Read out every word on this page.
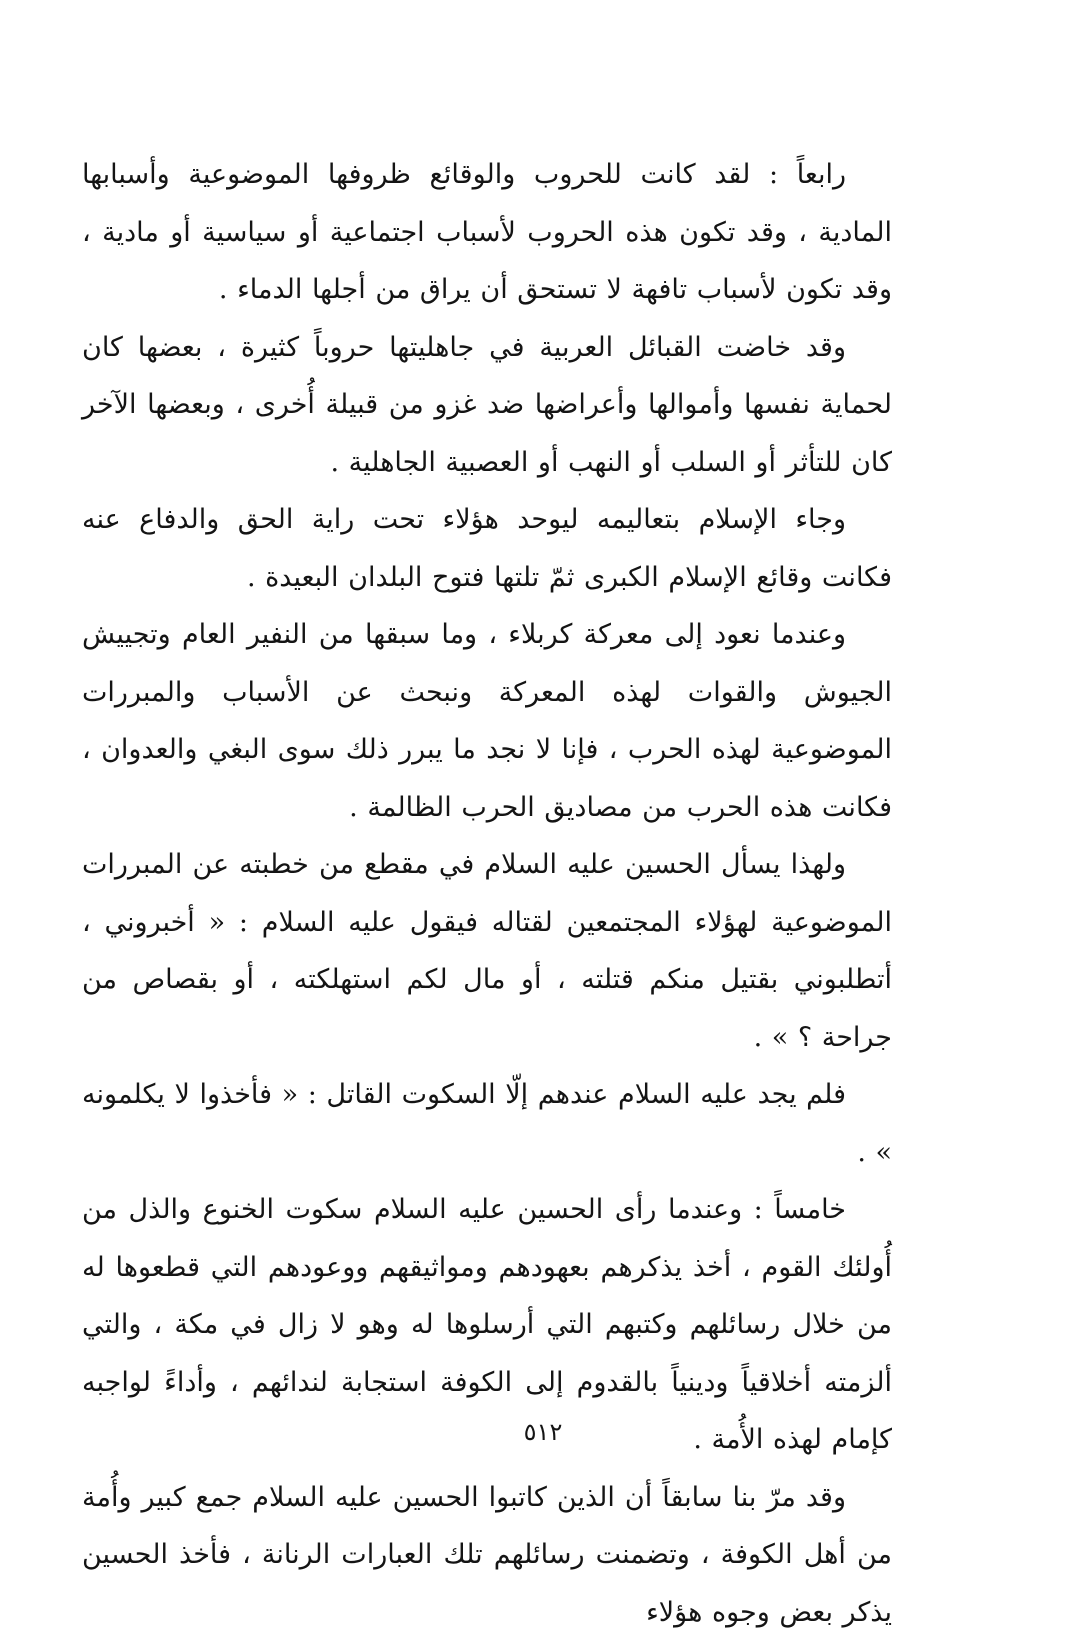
رابعاً : لقد كانت للحروب والوقائع ظروفها الموضوعية وأسبابها المادية ، وقد تكون هذه الحروب لأسباب اجتماعية أو سياسية أو مادية ، وقد تكون لأسباب تافهة لا تستحق أن يراق من أجلها الدماء .

وقد خاضت القبائل العربية في جاهليتها حروباً كثيرة ، بعضها كان لحماية نفسها وأموالها وأعراضها ضد غزو من قبيلة أُخرى ، وبعضها الآخر كان للتأثر أو السلب أو النهب أو العصبية الجاهلية .

وجاء الإسلام بتعاليمه ليوحد هؤلاء تحت راية الحق والدفاع عنه فكانت وقائع الإسلام الكبرى ثمّ تلتها فتوح البلدان البعيدة .

وعندما نعود إلى معركة كربلاء ، وما سبقها من النفير العام وتجييش الجيوش والقوات لهذه المعركة ونبحث عن الأسباب والمبررات الموضوعية لهذه الحرب ، فإنا لا نجد ما يبرر ذلك سوى البغي والعدوان ، فكانت هذه الحرب من مصاديق الحرب الظالمة .

ولهذا يسأل الحسين عليه السلام في مقطع من خطبته عن المبررات الموضوعية لهؤلاء المجتمعين لقتاله فيقول عليه السلام : « أخبروني ، أتطلبوني بقتيل منكم قتلته ، أو مال لكم استهلكته ، أو بقصاص من جراحة ؟ » .

فلم يجد عليه السلام عندهم إلّا السكوت القاتل : « فأخذوا لا يكلمونه » .

خامساً : وعندما رأى الحسين عليه السلام سكوت الخنوع والذل من أُولئك القوم ، أخذ يذكرهم بعهودهم ومواثيقهم ووعودهم التي قطعوها له من خلال رسائلهم وكتبهم التي أرسلوها له وهو لا زال في مكة ، والتي ألزمته أخلاقياً ودينياً بالقدوم إلى الكوفة استجابة لندائهم ، وأداءً لواجبه كإمام لهذه الأُمة .

وقد مرّ بنا سابقاً أن الذين كاتبوا الحسين عليه السلام جمع كبير وأُمة من أهل الكوفة ، وتضمنت رسائلهم تلك العبارات الرنانة ، فأخذ الحسين يذكر بعض وجوه هؤلاء

٥١٢
